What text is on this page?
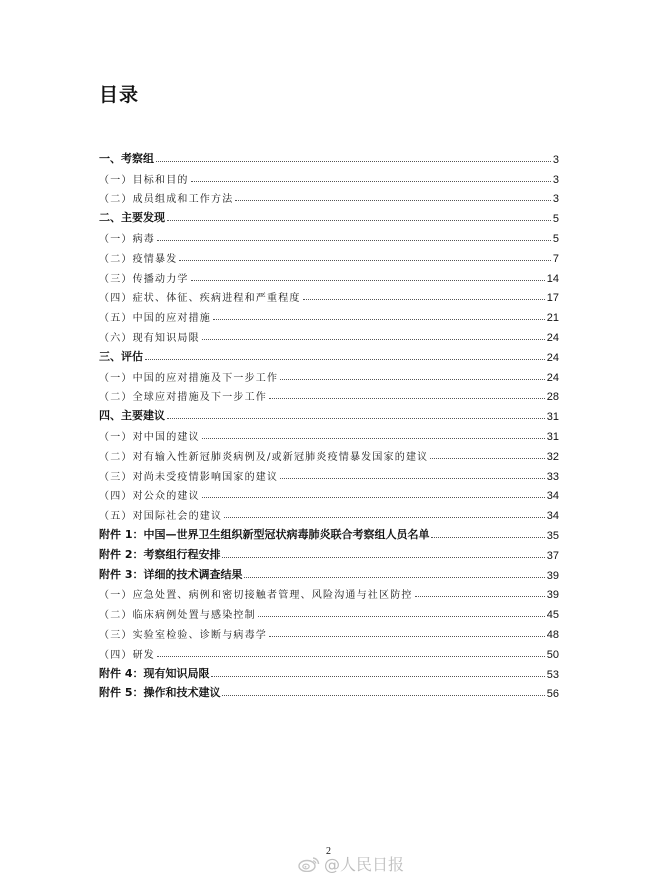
目录
一、考察组	3
（一）目标和目的	3
（二）成员组成和工作方法	3
二、主要发现	5
（一）病毒	5
（二）疫情暴发	7
（三）传播动力学	14
（四）症状、体征、疾病进程和严重程度	17
（五）中国的应对措施	21
（六）现有知识局限	24
三、评估	24
（一）中国的应对措施及下一步工作	24
（二）全球应对措施及下一步工作	28
四、主要建议	31
（一）对中国的建议	31
（二）对有输入性新冠肺炎病例及/或新冠肺炎疫情暴发国家的建议	32
（三）对尚未受疫情影响国家的建议	33
（四）对公众的建议	34
（五）对国际社会的建议	34
附件 1：中国—世界卫生组织新型冠状病毒肺炎联合考察组人员名单	35
附件 2：考察组行程安排	37
附件 3：详细的技术调查结果	39
（一）应急处置、病例和密切接触者管理、风险沟通与社区防控	39
（二）临床病例处置与感染控制	45
（三）实验室检验、诊断与病毒学	48
（四）研发	50
附件 4：现有知识局限	53
附件 5：操作和技术建议	56
2
@人民日报
